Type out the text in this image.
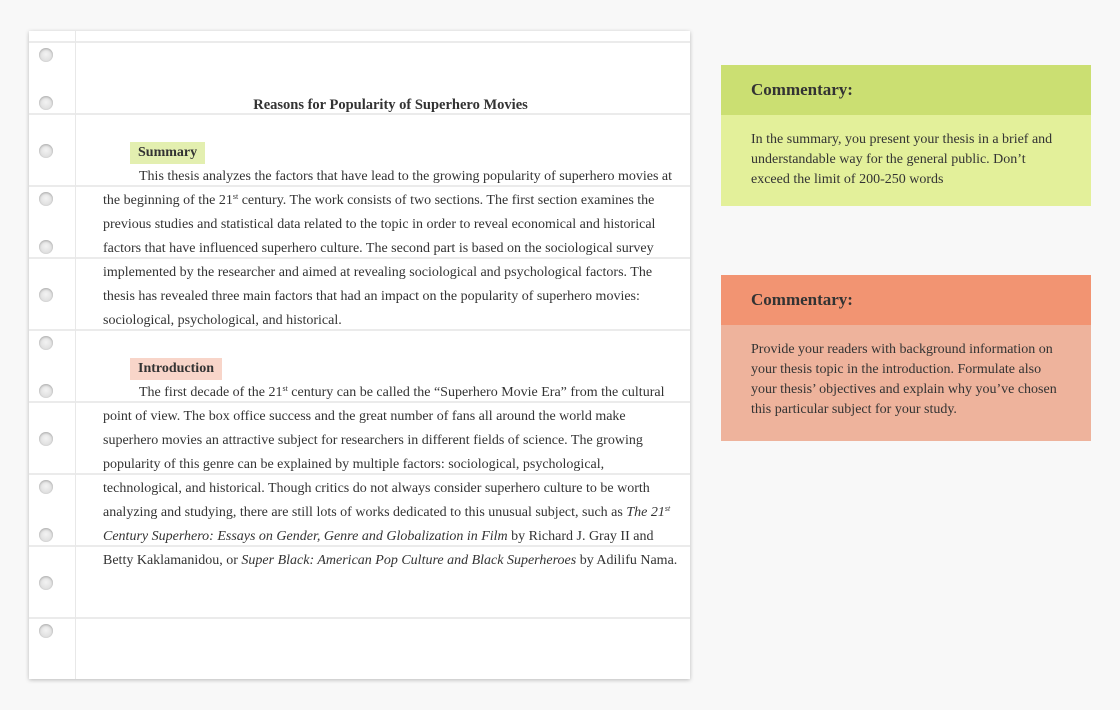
Reasons for Popularity of Superhero Movies
Summary

This thesis analyzes the factors that have lead to the growing popularity of superhero movies at the beginning of the 21st century. The work consists of two sections. The first section examines the previous studies and statistical data related to the topic in order to reveal economical and historical factors that have influenced superhero culture. The second part is based on the sociological survey implemented by the researcher and aimed at revealing sociological and psychological factors. The thesis has revealed three main factors that had an impact on the popularity of superhero movies: sociological, psychological, and historical.

Introduction

The first decade of the 21st century can be called the “Superhero Movie Era” from the cultural point of view. The box office success and the great number of fans all around the world make superhero movies an attractive subject for researchers in different fields of science. The growing popularity of this genre can be explained by multiple factors: sociological, psychological, technological, and historical. Though critics do not always consider superhero culture to be worth analyzing and studying, there are still lots of works dedicated to this unusual subject, such as The 21st Century Superhero: Essays on Gender, Genre and Globalization in Film by Richard J. Gray II and Betty Kaklamanidou, or Super Black: American Pop Culture and Black Superheroes by Adilifu Nama.

Commentary:
In the summary, you present your thesis in a brief and understandable way for the general public. Don’t exceed the limit of 200-250 words
Commentary:
Provide your readers with background information on your thesis topic in the introduction. Formulate also your thesis’ objectives and explain why you’ve chosen this particular subject for your study.
